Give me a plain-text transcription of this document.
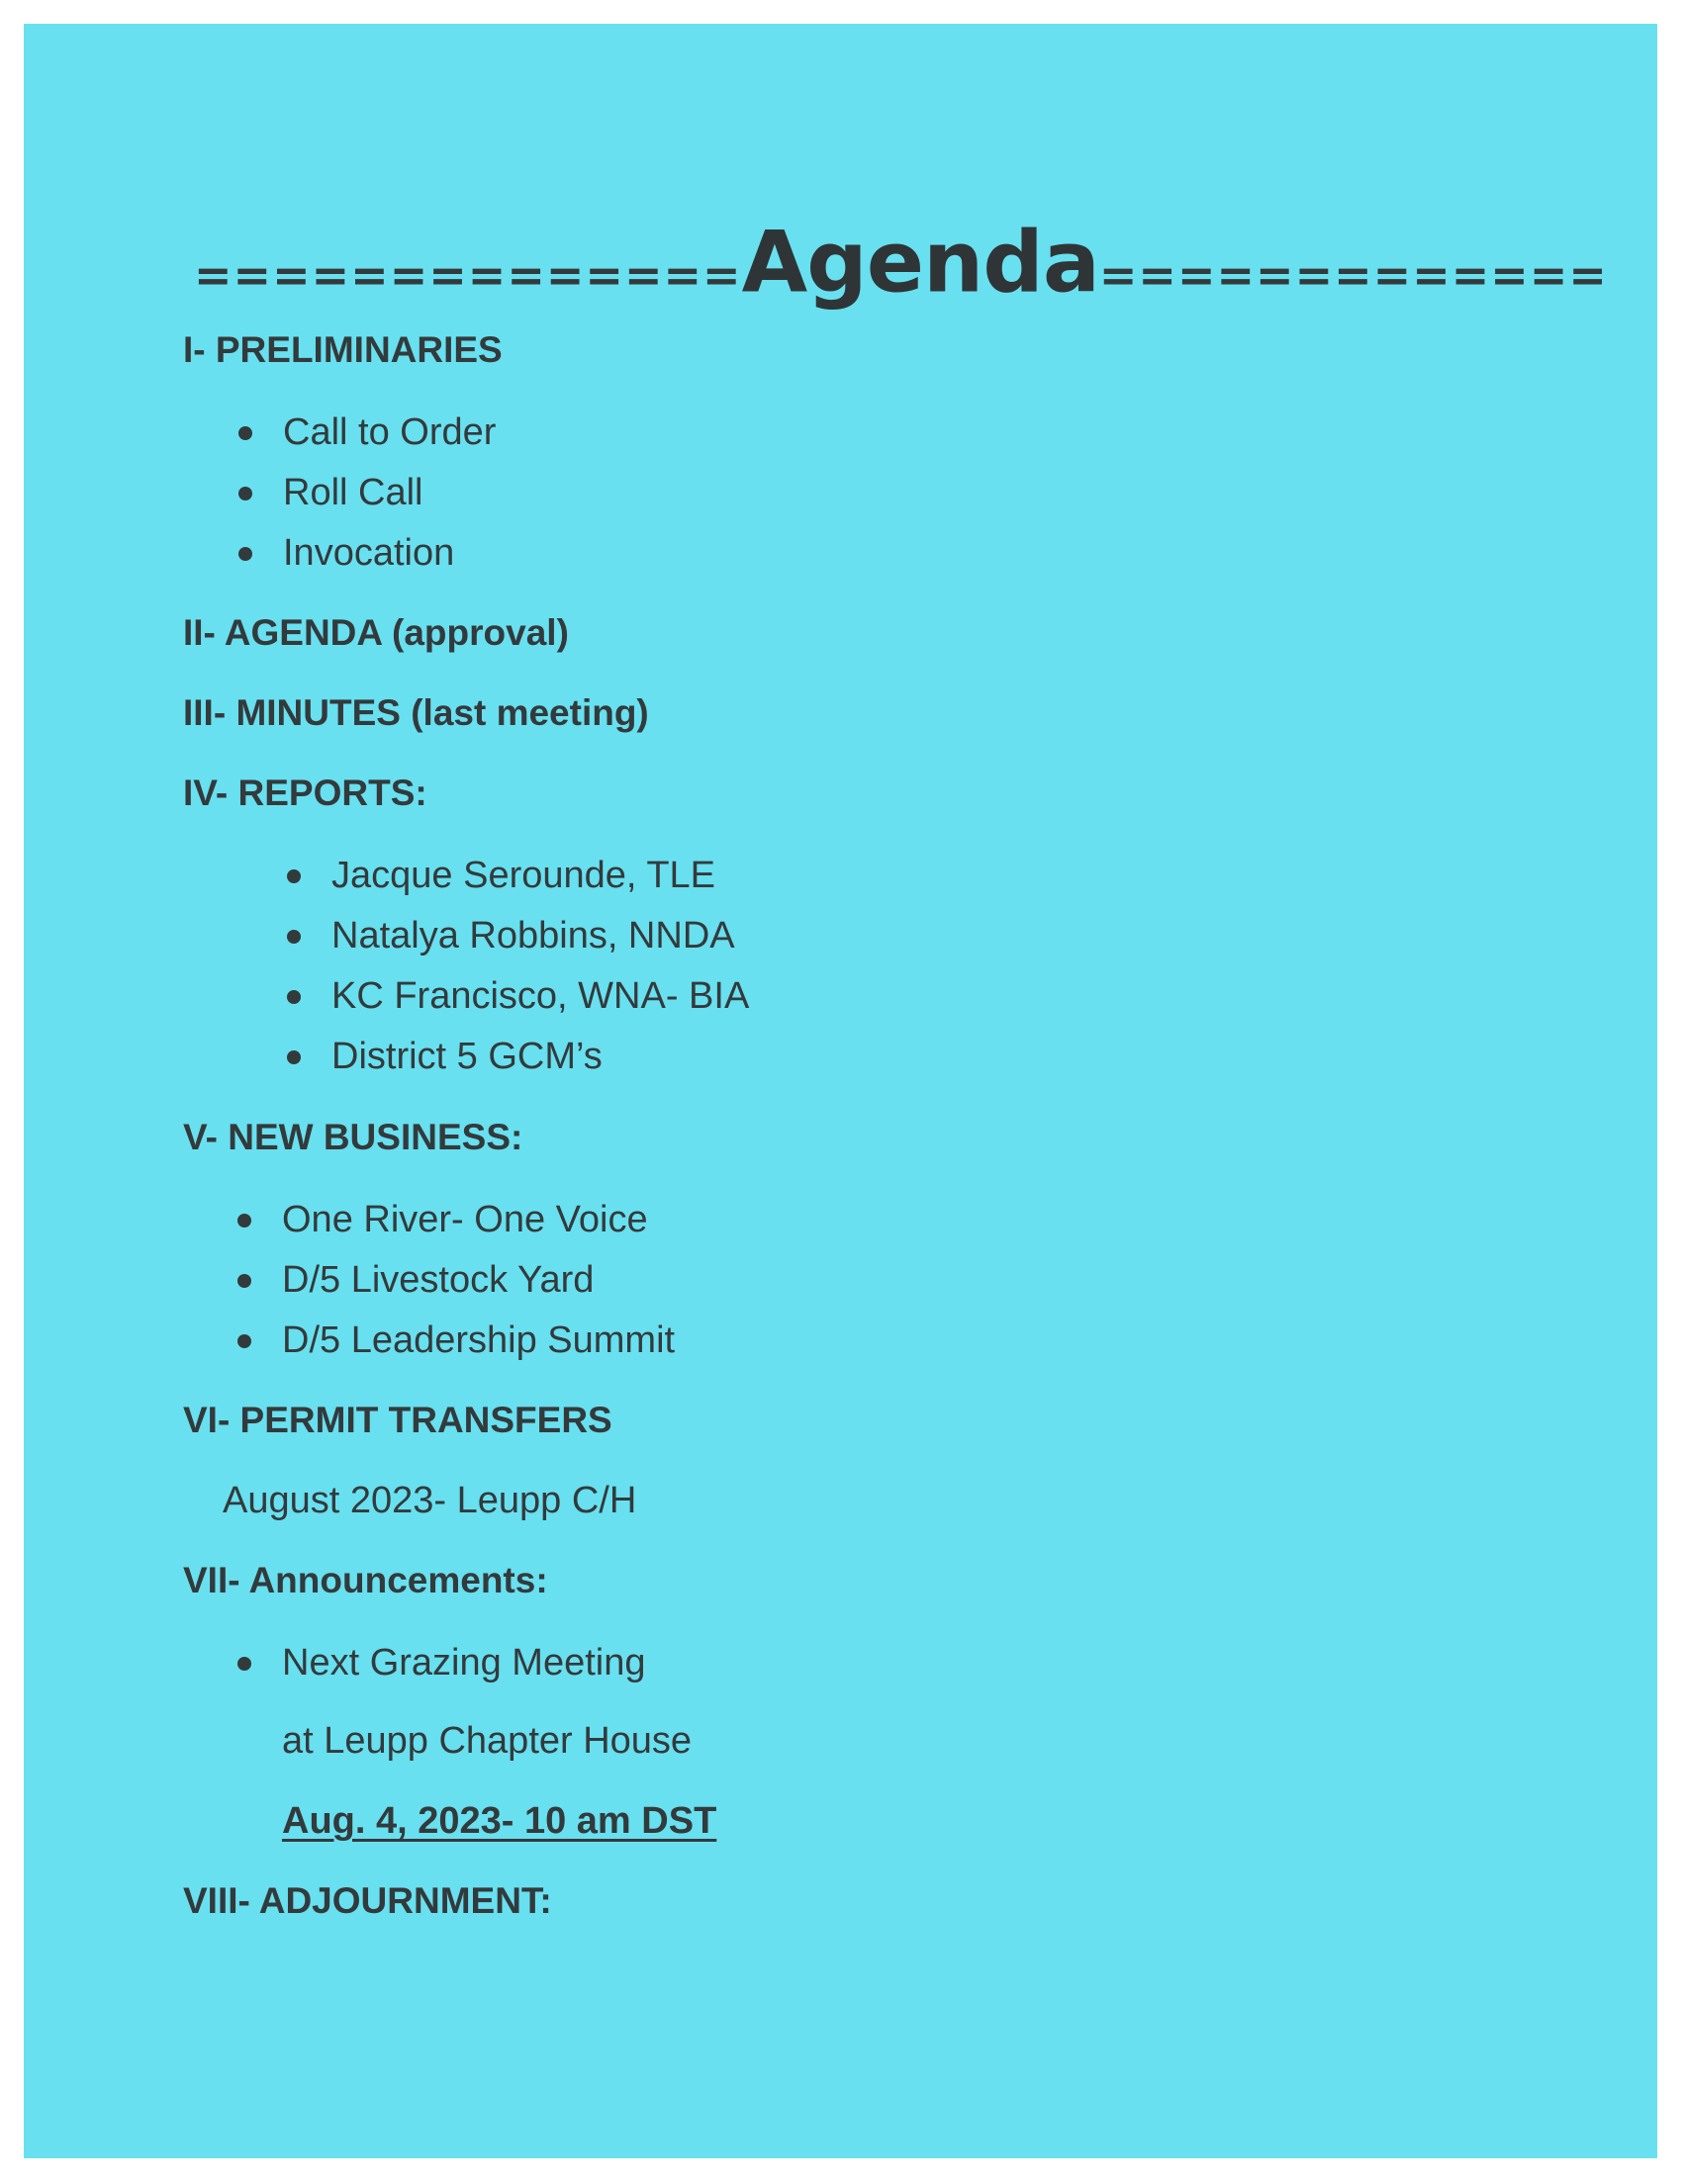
==============Agenda=============
I- PRELIMINARIES
Call to Order
Roll Call
Invocation
II- AGENDA (approval)
III- MINUTES (last meeting)
IV- REPORTS:
Jacque Serounde, TLE
Natalya Robbins, NNDA
KC Francisco, WNA- BIA
District 5 GCM’s
V- NEW BUSINESS:
One River- One Voice
D/5 Livestock Yard
D/5 Leadership Summit
VI- PERMIT TRANSFERS
August 2023- Leupp C/H
VII- Announcements:
Next Grazing Meeting
at Leupp Chapter House
Aug. 4, 2023- 10 am DST
VIII- ADJOURNMENT:
